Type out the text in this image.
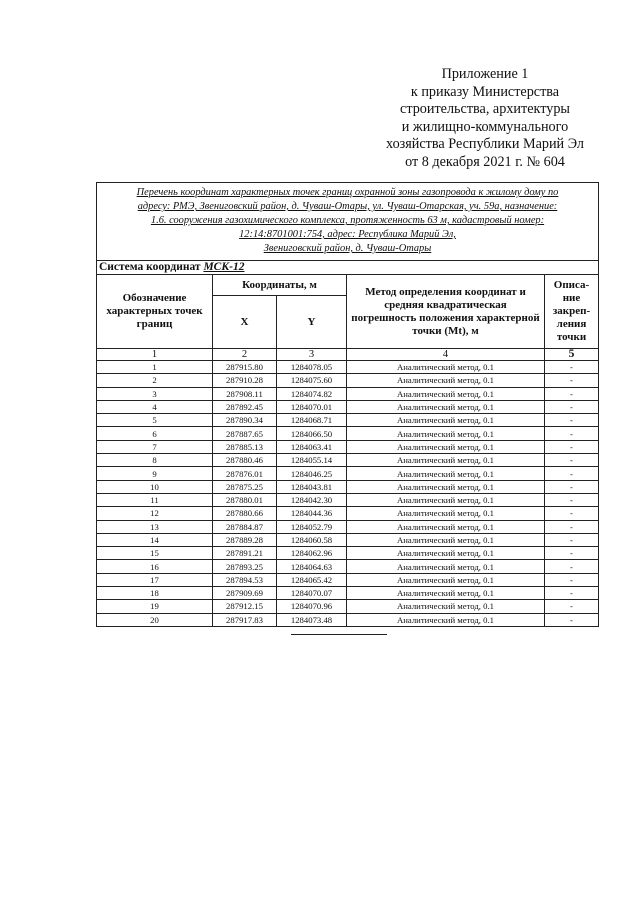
Приложение 1
к приказу Министерства
строительства, архитектуры
и жилищно-коммунального
хозяйства Республики Марий Эл
от 8 декабря 2021 г. № 604
Перечень координат характерных точек границ охранной зоны газопровода к жилому дому по
адресу: РМЭ, Звениговский район, д. Чуваш-Отары, ул. Чуваш-Отарская, уч. 59а, назначение:
1.6. сооружения газохимического комплекса, протяженность 63 м, кадастровый номер:
12:14:8701001:754, адрес: Республика Марий Эл,
Звениговский район, д. Чуваш-Отары				

Система координат МСК-12				
Обозначение характерных точек границ	Координаты, м		Метод определения координат и средняя квадратическая погрешность положения характерной точки (Mt), м	Описа-
ние
закреп-
ления
точки

	X	Y		
1	2	3	4	5
1	287915.80	1284078.05	Аналитический метод, 0.1	-
2	287910.28	1284075.60	Аналитический метод, 0.1	-
3	287908.11	1284074.82	Аналитический метод, 0.1	-
4	287892.45	1284070.01	Аналитический метод, 0.1	-
5	287890.34	1284068.71	Аналитический метод, 0.1	-
6	287887.65	1284066.50	Аналитический метод, 0.1	-
7	287885.13	1284063.41	Аналитический метод, 0.1	-
8	287880.46	1284055.14	Аналитический метод, 0.1	-
9	287876.01	1284046.25	Аналитический метод, 0.1	-
10	287875.25	1284043.81	Аналитический метод, 0.1	-
11	287880.01	1284042.30	Аналитический метод, 0.1	-
12	287880.66	1284044.36	Аналитический метод, 0.1	-
13	287884.87	1284052.79	Аналитический метод, 0.1	-
14	287889.28	1284060.58	Аналитический метод, 0.1	-
15	287891.21	1284062.96	Аналитический метод, 0.1	-
16	287893.25	1284064.63	Аналитический метод, 0.1	-
17	287894.53	1284065.42	Аналитический метод, 0.1	-
18	287909.69	1284070.07	Аналитический метод, 0.1	-
19	287912.15	1284070.96	Аналитический метод, 0.1	-
20	287917.83	1284073.48	Аналитический метод, 0.1	-
